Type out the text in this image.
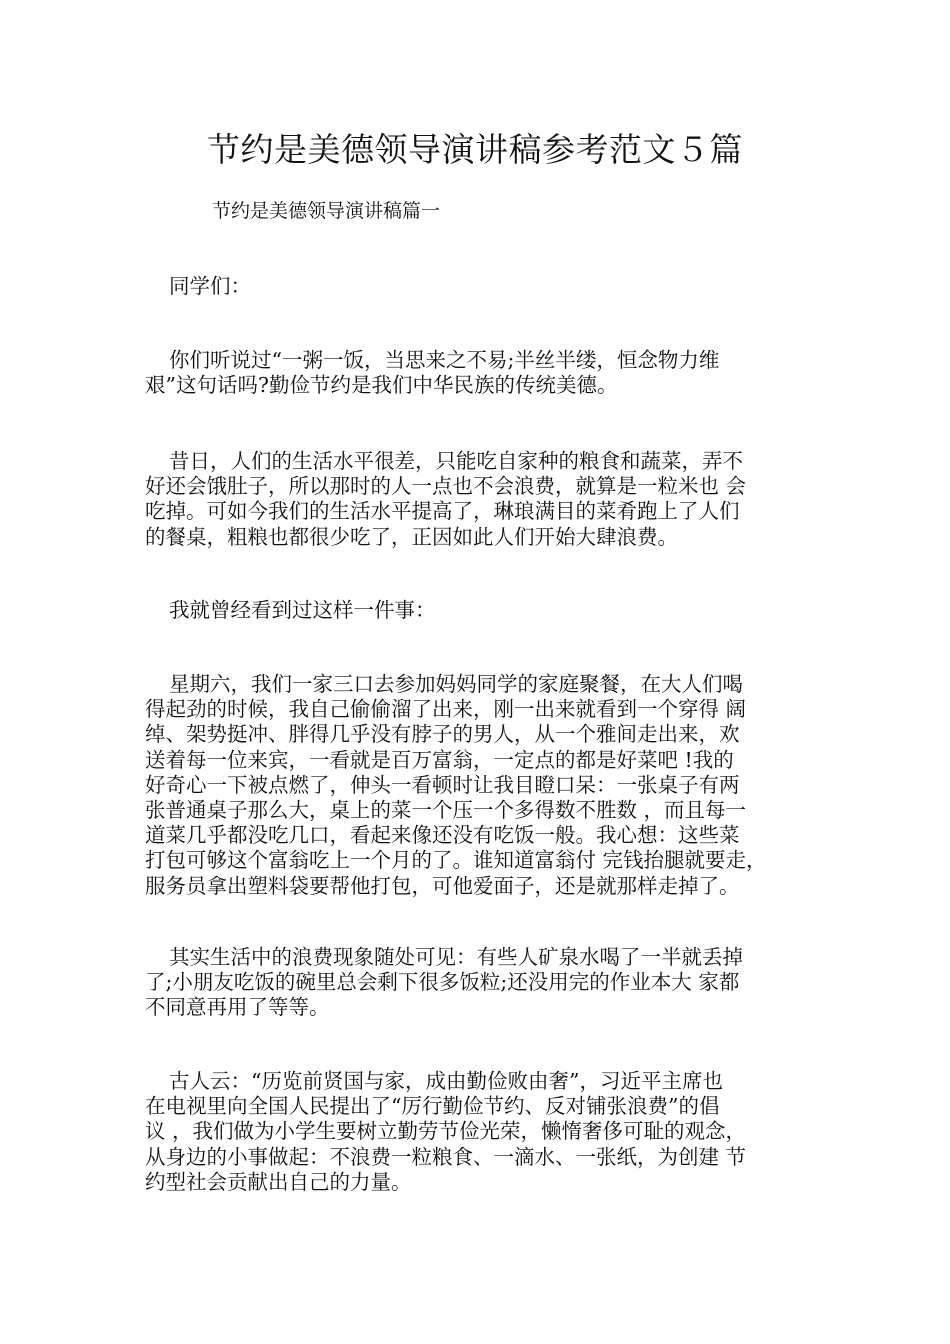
节约是美德领导演讲稿参考范文５篇
节约是美德领导演讲稿篇一
同学们：
你们听说过“一粥一饭，当思来之不易;半丝半缕，恒念物力维
艰”这句话吗?勤俭节约是我们中华民族的传统美德。
昔日，人们的生活水平很差，只能吃自家种的粮食和蔬菜，弄不
好还会饿肚子，所以那时的人一点也不会浪费，就算是一粒米也 会
吃掉。可如今我们的生活水平提高了，琳琅满目的菜肴跑上了人们
的餐桌，粗粮也都很少吃了，正因如此人们开始大肆浪费。
我就曾经看到过这样一件事：
星期六，我们一家三口去参加妈妈同学的家庭聚餐，在大人们喝
得起劲的时候，我自己偷偷溜了出来，刚一出来就看到一个穿得 阔
绰、架势挺冲、胖得几乎没有脖子的男人，从一个雅间走出来，欢
送着每一位来宾，一看就是百万富翁，一定点的都是好菜吧 !我的
好奇心一下被点燃了，伸头一看顿时让我目瞪口呆：一张桌子有两
张普通桌子那么大，桌上的菜一个压一个多得数不胜数 ，而且每一
道菜几乎都没吃几口，看起来像还没有吃饭一般。我心想：这些菜
打包可够这个富翁吃上一个月的了。谁知道富翁付 完钱抬腿就要走，
服务员拿出塑料袋要帮他打包，可他爱面子，还是就那样走掉了。
其实生活中的浪费现象随处可见：有些人矿泉水喝了一半就丢掉
了;小朋友吃饭的碗里总会剩下很多饭粒;还没用完的作业本大 家都
不同意再用了等等。
古人云：“历览前贤国与家，成由勤俭败由奢”，习近平主席也
在电视里向全国人民提出了“厉行勤俭节约、反对铺张浪费”的倡
议 ，我们做为小学生要树立勤劳节俭光荣，懒惰奢侈可耻的观念，
从身边的小事做起：不浪费一粒粮食、一滴水、一张纸，为创建 节
约型社会贡献出自己的力量。
